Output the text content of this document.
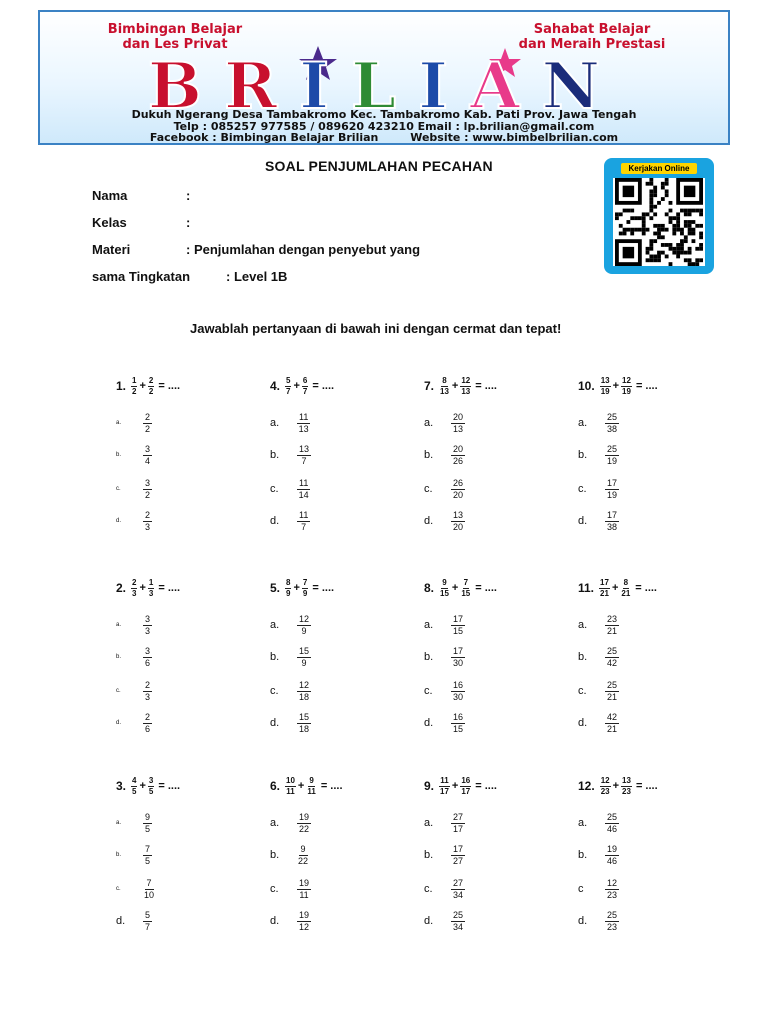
Bimbingan Belajar
dan Les Privat
Sahabat Belajar
dan Meraih Prestasi
BRILIAN
Dukuh Ngerang Desa Tambakromo Kec. Tambakromo Kab. Pati Prov. Jawa Tengah
Telp : 085257 977585 / 089620 423210 Email : lp.brilian@gmail.com
Facebook : Bimbingan Belajar Brilian	Website : www.bimbelbrilian.com
SOAL PENJUMLAHAN PECAHAN
Nama	:
Kelas	:
Materi	: Penjumlahan dengan penyebut yang
sama Tingkatan	: Level 1B
Kerjakan Online
Jawablah pertanyaan di bawah ini dengan cermat dan tepat!
1. $\frac{1}{2} + \frac{2}{2}$ = ....
a.	$\frac{2}{2}$
b.	$\frac{3}{4}$
c.	$\frac{3}{2}$
d.	$\frac{2}{3}$
2. $\frac{2}{3} + \frac{1}{3}$ = ....
a.	$\frac{3}{3}$
b.	$\frac{3}{6}$
c.	$\frac{2}{3}$
d.	$\frac{2}{6}$
3. $\frac{4}{5} + \frac{3}{5}$ = ....
a.	$\frac{9}{5}$
b.	$\frac{7}{5}$
c.	$\frac{7}{10}$
d.	$\frac{5}{7}$
4. $\frac{5}{7} + \frac{6}{7}$ = ....
a.	$\frac{11}{13}$
b.	$\frac{13}{7}$
c.	$\frac{11}{14}$
d.	$\frac{11}{7}$
5. $\frac{8}{9} + \frac{7}{9}$ = ....
a.	$\frac{12}{9}$
b.	$\frac{15}{9}$
c.	$\frac{12}{18}$
d.	$\frac{15}{18}$
6. $\frac{10}{11} + \frac{9}{11}$ = ....
a.	$\frac{19}{22}$
b.	$\frac{9}{22}$
c.	$\frac{19}{11}$
d.	$\frac{19}{12}$
7. $\frac{8}{13} + \frac{12}{13}$ = ....
a.	$\frac{20}{13}$
b.	$\frac{20}{26}$
c.	$\frac{26}{20}$
d.	$\frac{13}{20}$
8. $\frac{9}{15} + \frac{7}{15}$ = ....
a.	$\frac{17}{15}$
b.	$\frac{17}{30}$
c.	$\frac{16}{30}$
d.	$\frac{16}{15}$
9. $\frac{11}{17} + \frac{16}{17}$ = ....
a.	$\frac{27}{17}$
b.	$\frac{17}{27}$
c.	$\frac{27}{34}$
d.	$\frac{25}{34}$
10. $\frac{13}{19} + \frac{12}{19}$ = ....
a.	$\frac{25}{38}$
b.	$\frac{25}{19}$
c.	$\frac{17}{19}$
d.	$\frac{17}{38}$
11. $\frac{17}{21} + \frac{8}{21}$ = ....
a.	$\frac{23}{21}$
b.	$\frac{25}{42}$
c.	$\frac{25}{21}$
d.	$\frac{42}{21}$
12. $\frac{12}{23} + \frac{13}{23}$ = ....
a.	$\frac{25}{46}$
b.	$\frac{19}{46}$
c	$\frac{12}{23}$
d.	$\frac{25}{23}$
